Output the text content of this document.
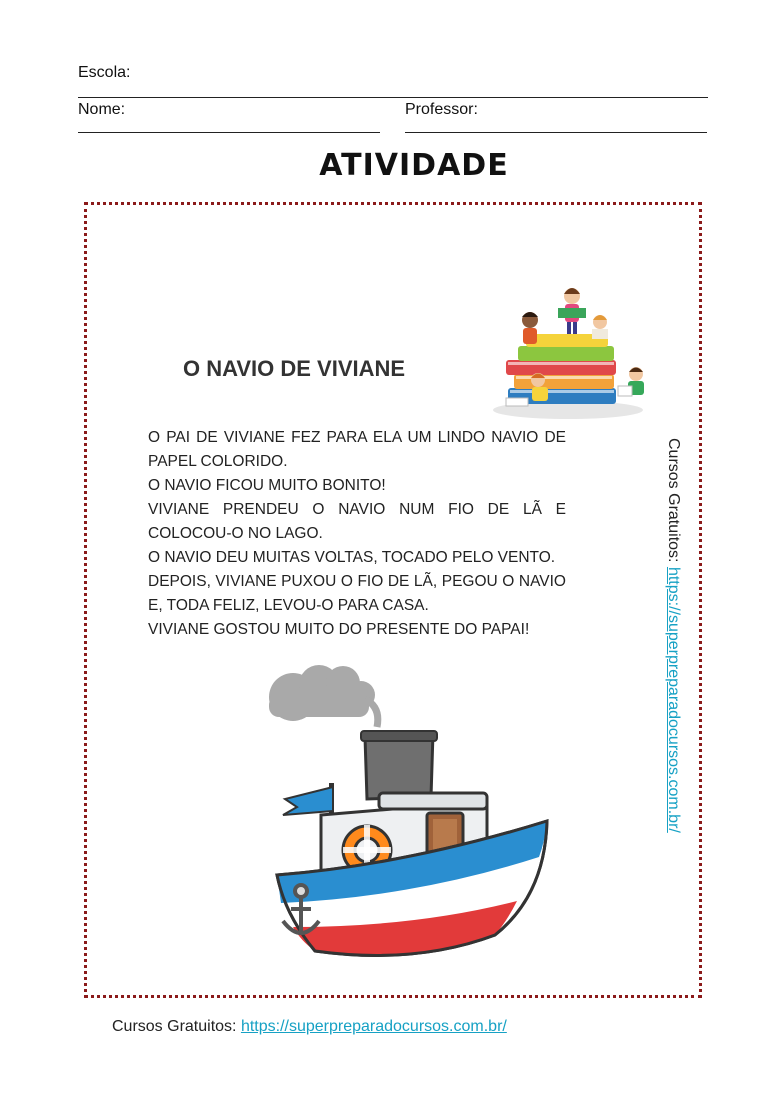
Escola:
Nome:	Professor:
ATIVIDADE
O NAVIO DE VIVIANE

O PAI DE VIVIANE FEZ PARA ELA UM LINDO NAVIO DE PAPEL COLORIDO.

O NAVIO FICOU MUITO BONITO!

VIVIANE PRENDEU O NAVIO NUM FIO DE LÃ E COLOCOU-O NO LAGO.

O NAVIO DEU MUITAS VOLTAS, TOCADO PELO VENTO.

DEPOIS, VIVIANE PUXOU O FIO DE LÃ, PEGOU O NAVIO E, TODA FELIZ, LEVOU-O PARA CASA.

VIVIANE GOSTOU MUITO DO PRESENTE DO PAPAI!

Cursos Gratuitos: https://superpreparadocursos.com.br/
Cursos Gratuitos: https://superpreparadocursos.com.br/
